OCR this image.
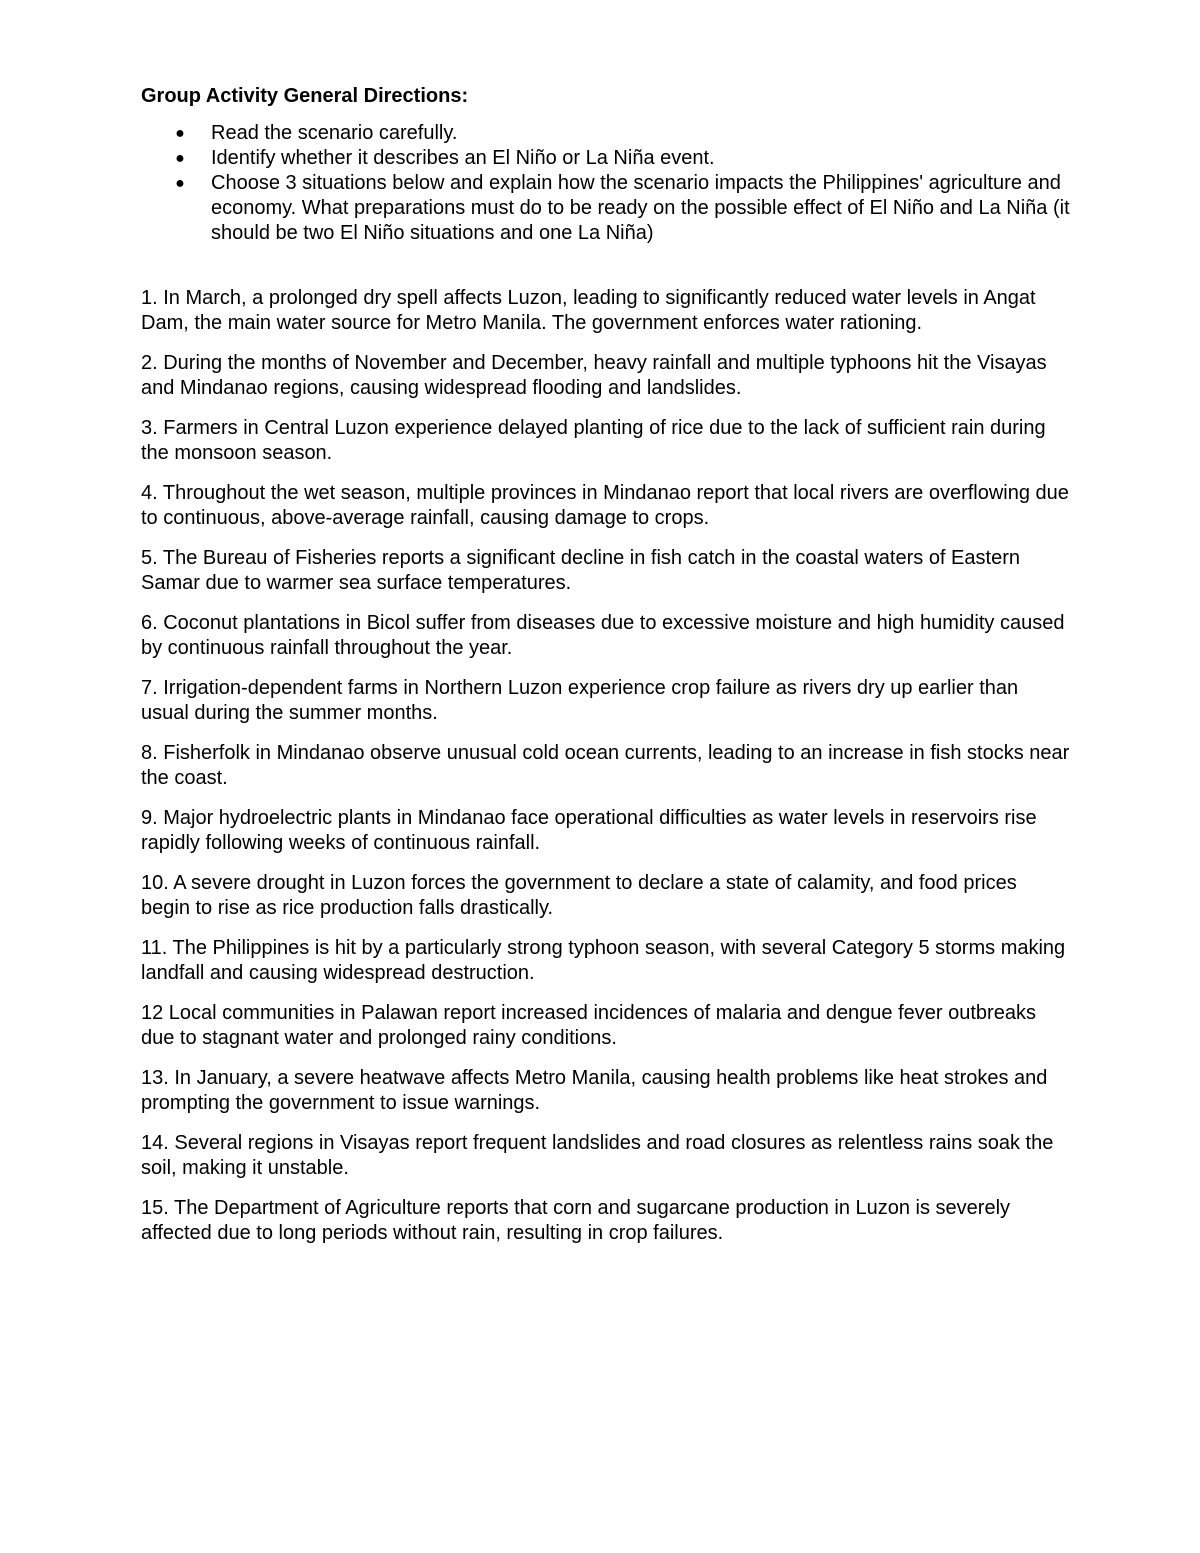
Group Activity General Directions:
● Read the scenario carefully.
● Identify whether it describes an El Niño or La Niña event.
● Choose 3 situations below and explain how the scenario impacts the Philippines' agriculture and economy. What preparations must do to be ready on the possible effect of El Niño and La Niña (it should be two El Niño situations and one La Niña)

1. In March, a prolonged dry spell affects Luzon, leading to significantly reduced water levels in Angat Dam, the main water source for Metro Manila. The government enforces water rationing.

2. During the months of November and December, heavy rainfall and multiple typhoons hit the Visayas and Mindanao regions, causing widespread flooding and landslides.

3. Farmers in Central Luzon experience delayed planting of rice due to the lack of sufficient rain during the monsoon season.

4. Throughout the wet season, multiple provinces in Mindanao report that local rivers are overflowing due to continuous, above-average rainfall, causing damage to crops.

5. The Bureau of Fisheries reports a significant decline in fish catch in the coastal waters of Eastern Samar due to warmer sea surface temperatures.

6. Coconut plantations in Bicol suffer from diseases due to excessive moisture and high humidity caused by continuous rainfall throughout the year.

7. Irrigation-dependent farms in Northern Luzon experience crop failure as rivers dry up earlier than usual during the summer months.

8. Fisherfolk in Mindanao observe unusual cold ocean currents, leading to an increase in fish stocks near the coast.

9. Major hydroelectric plants in Mindanao face operational difficulties as water levels in reservoirs rise rapidly following weeks of continuous rainfall.

10. A severe drought in Luzon forces the government to declare a state of calamity, and food prices begin to rise as rice production falls drastically.

11. The Philippines is hit by a particularly strong typhoon season, with several Category 5 storms making landfall and causing widespread destruction.

12 Local communities in Palawan report increased incidences of malaria and dengue fever outbreaks due to stagnant water and prolonged rainy conditions.

13. In January, a severe heatwave affects Metro Manila, causing health problems like heat strokes and prompting the government to issue warnings.

14. Several regions in Visayas report frequent landslides and road closures as relentless rains soak the soil, making it unstable.

15. The Department of Agriculture reports that corn and sugarcane production in Luzon is severely affected due to long periods without rain, resulting in crop failures.
